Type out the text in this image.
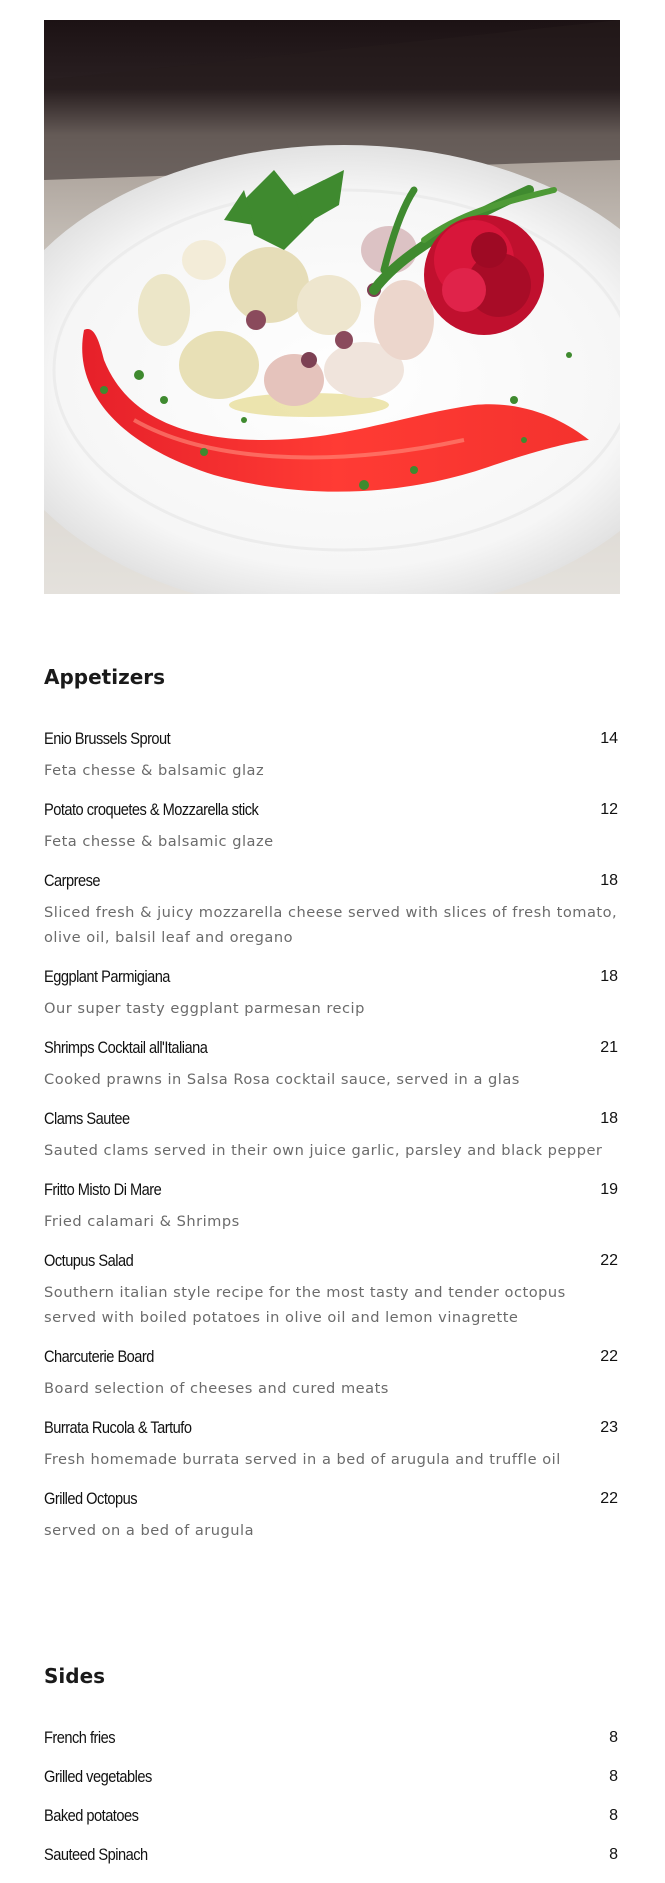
Appetizers
Enio Brussels Sprout	14
Feta chesse & balsamic glaz
Potato croquetes & Mozzarella stick	12
Feta chesse & balsamic glaze
Carprese	18
Sliced fresh & juicy mozzarella cheese served with slices of fresh tomato, olive oil, balsil leaf and oregano
Eggplant Parmigiana	18
Our super tasty eggplant parmesan recip
Shrimps Cocktail all'Italiana	21
Cooked prawns in Salsa Rosa cocktail sauce, served in a glas
Clams Sautee	18
Sauted clams served in their own juice garlic, parsley and black pepper
Fritto Misto Di Mare	19
Fried calamari & Shrimps
Octupus Salad	22
Southern italian style recipe for the most tasty and tender octopus served with boiled potatoes in olive oil and lemon vinagrette
Charcuterie Board	22
Board selection of cheeses and cured meats
Burrata Rucola & Tartufo	23
Fresh homemade burrata served in a bed of arugula and truffle oil
Grilled Octopus	22
served on a bed of arugula
Sides
French fries	8
Grilled vegetables	8
Baked potatoes	8
Sauteed Spinach	8
